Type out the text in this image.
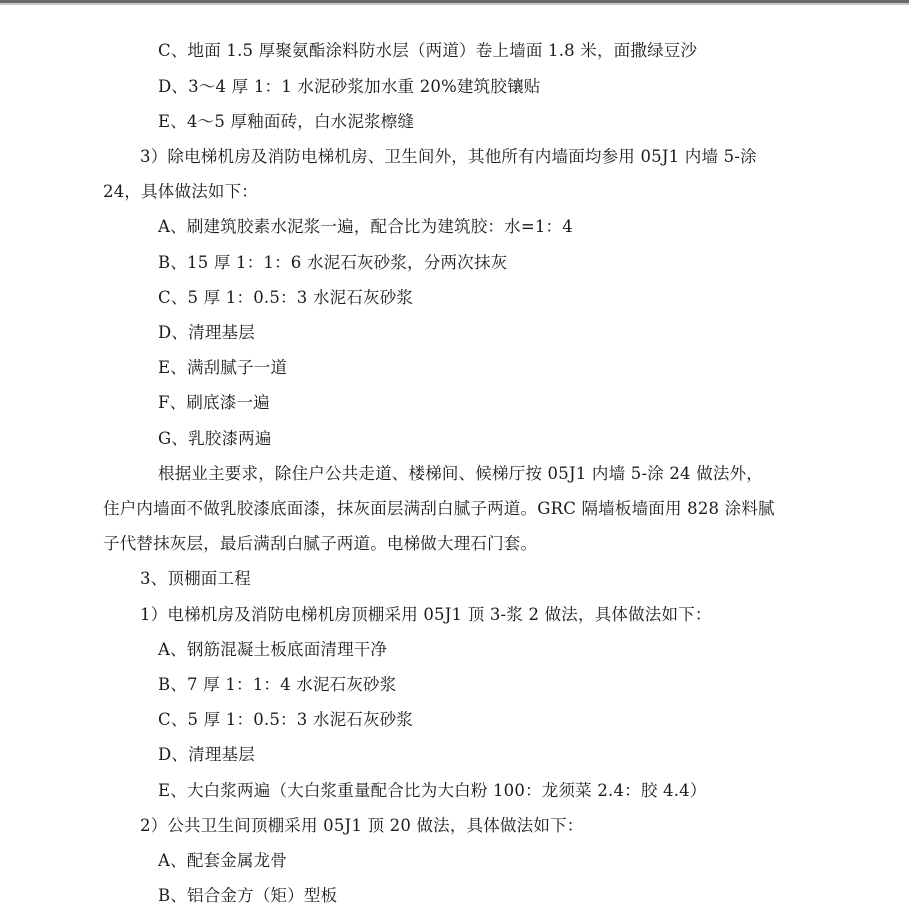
C、地面 1.5 厚聚氨酯涂料防水层（两道）卷上墙面 1.8 米，面撒绿豆沙
D、3～4 厚 1：1 水泥砂浆加水重 20%建筑胶镶贴
E、4～5 厚釉面砖，白水泥浆檫缝
3）除电梯机房及消防电梯机房、卫生间外，其他所有内墙面均参用 05J1 内墙 5-涂
24，具体做法如下：
A、刷建筑胶素水泥浆一遍，配合比为建筑胶：水=1：4
B、15 厚 1：1：6 水泥石灰砂浆，分两次抹灰
C、5 厚 1：0.5：3 水泥石灰砂浆
D、清理基层
E、满刮腻子一道
F、刷底漆一遍
G、乳胶漆两遍
根据业主要求，除住户公共走道、楼梯间、候梯厅按 05J1 内墙 5-涂 24 做法外，
住户内墙面不做乳胶漆底面漆，抹灰面层满刮白腻子两道。GRC 隔墙板墙面用 828 涂料腻
子代替抹灰层，最后满刮白腻子两道。电梯做大理石门套。
3、顶棚面工程
1）电梯机房及消防电梯机房顶棚采用 05J1 顶 3-浆 2 做法，具体做法如下：
A、钢筋混凝土板底面清理干净
B、7 厚 1：1：4 水泥石灰砂浆
C、5 厚 1：0.5：3 水泥石灰砂浆
D、清理基层
E、大白浆两遍（大白浆重量配合比为大白粉 100：龙须菜 2.4：胶 4.4）
2）公共卫生间顶棚采用 05J1 顶 20 做法，具体做法如下：
A、配套金属龙骨
B、铝合金方（矩）型板
